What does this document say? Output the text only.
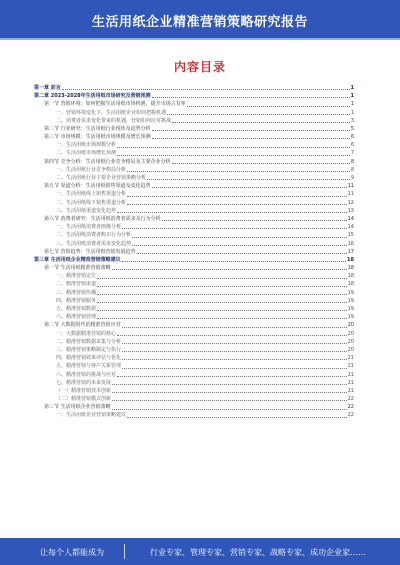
生活用纸企业精准营销策略研究报告
内容目录
第一章 前言	1
第二章 2023-2028年生活用纸市场研究及营销预测	1
第一节 营销环境：如何把握生活用纸市场机遇，提升市场占有率	1
一、营销环境变化下，生活用纸企业如何把握机遇	1
二、消费者需求变化带来的机遇，营销如何应对挑战	3
第二节 行业研究：生活用纸行业现状及趋势分析	5
第三节 市场规模：生活用纸市场规模及增长预测	6
一、生活用纸市场规模分析	6
二、生活用纸市场增长预测	7
第四节 竞争分析：生活用纸行业竞争格局及主要企业分析	8
一、生活用纸行业竞争格局分析	8
二、生活用纸行业主要企业营销策略分析	9
第五节 渠道分析：生活用纸销售渠道及变化趋势	11
一、生活用纸线上销售渠道分析	11
二、生活用纸线下销售渠道分析	12
三、生活用纸渠道变化趋势	13
第六节 消费者研究：生活用纸消费者需求及行为分析	14
一、生活用纸消费者画像分析	14
二、生活用纸消费者购买行为分析	15
三、生活用纸消费者需求变化趋势	16
第七节 营销趋势：生活用纸营销发展趋势	17
第三章 生活用纸企业精准营销策略建议	18
第一节 生活用纸精准营销策略	18
一、精准营销定位	18
二、精准营销渠道	18
三、精准营销传播	19
四、精准营销服务	19
五、精准营销数据	19
六、精准营销管理	19
第二节 大数据时代的精准营销应对	20
一、大数据精准营销的核心	20
二、精准营销数据采集与分析	20
三、精准营销策略制定与执行	20
四、精准营销效果评估与优化	21
五、精准营销与客户关系管理	21
六、精准营销的挑战与应对	21
七、精准营销的未来发展	21
（一）精准营销技术创新	21
（二）精准营销模式创新	22
第三节 生活用纸企业营销策略	22
一、生活用纸企业营销策略建议	22
让每个人都能成为	行业专家、管理专家、营销专家、战略专家、成功企业家……
